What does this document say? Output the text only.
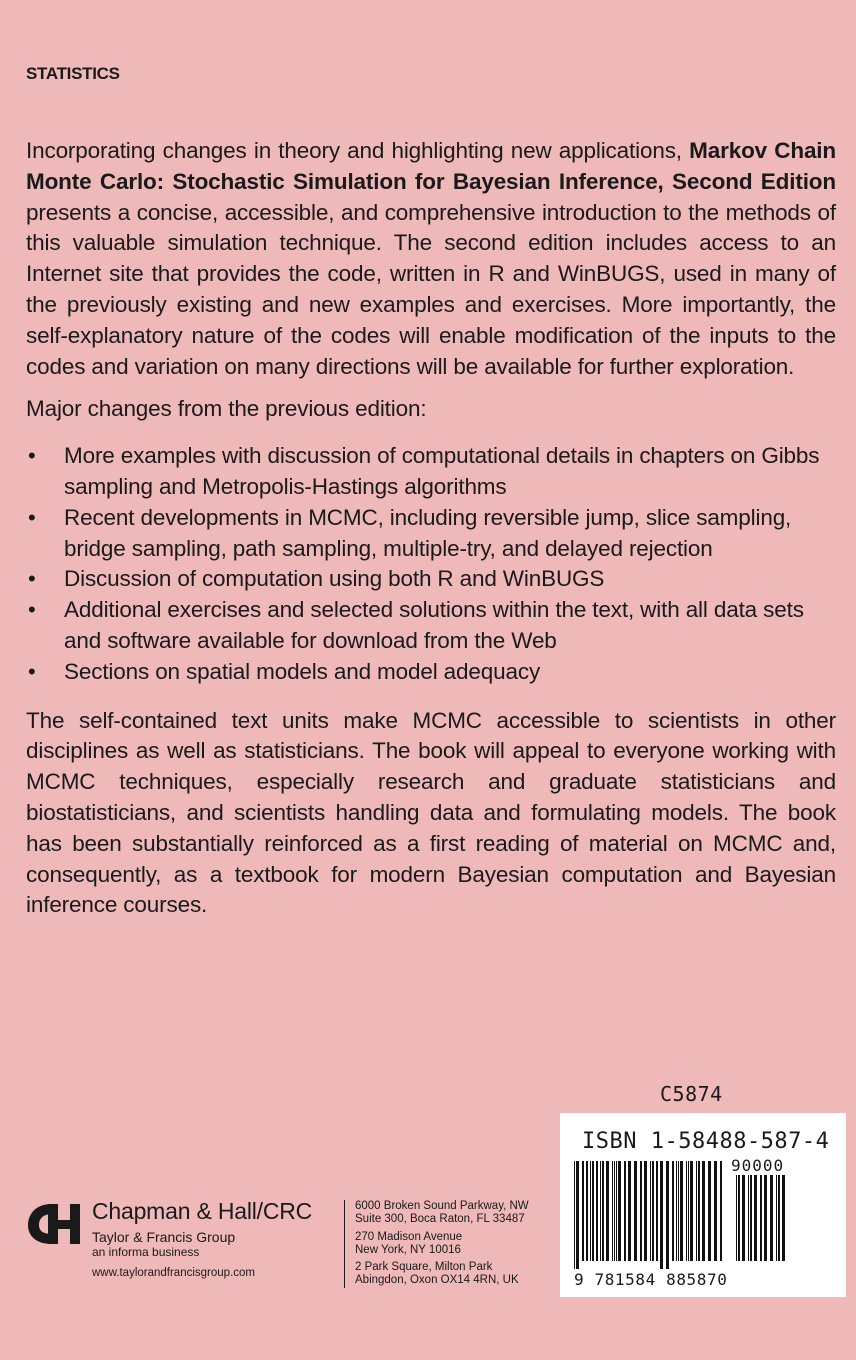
STATISTICS

Incorporating changes in theory and highlighting new applications, Markov Chain Monte Carlo: Stochastic Simulation for Bayesian Inference, Second Edition presents a concise, accessible, and comprehensive introduction to the methods of this valuable simulation technique. The second edition includes access to an Internet site that provides the code, written in R and WinBUGS, used in many of the previously existing and new examples and exercises. More importantly, the self-explanatory nature of the codes will enable modification of the inputs to the codes and variation on many directions will be available for further exploration.

Major changes from the previous edition:

• More examples with discussion of computational details in chapters on Gibbs sampling and Metropolis-Hastings algorithms
• Recent developments in MCMC, including reversible jump, slice sampling, bridge sampling, path sampling, multiple-try, and delayed rejection
• Discussion of computation using both R and WinBUGS
• Additional exercises and selected solutions within the text, with all data sets and software available for download from the Web
• Sections on spatial models and model adequacy

The self-contained text units make MCMC accessible to scientists in other disciplines as well as statisticians. The book will appeal to everyone working with MCMC techniques, especially research and graduate statisticians and biostatisticians, and scientists handling data and formulating models. The book has been substantially reinforced as a first reading of material on MCMC and, consequently, as a textbook for modern Bayesian computation and Bayesian inference courses.

C5874
ISBN 1-58488-587-4
90000
9 781584 885870
Chapman & Hall/CRC
Taylor & Francis Group
an informa business
www.taylorandfrancisgroup.com
6000 Broken Sound Parkway, NW
Suite 300, Boca Raton, FL 33487
270 Madison Avenue
New York, NY 10016
2 Park Square, Milton Park
Abingdon, Oxon OX14 4RN, UK
